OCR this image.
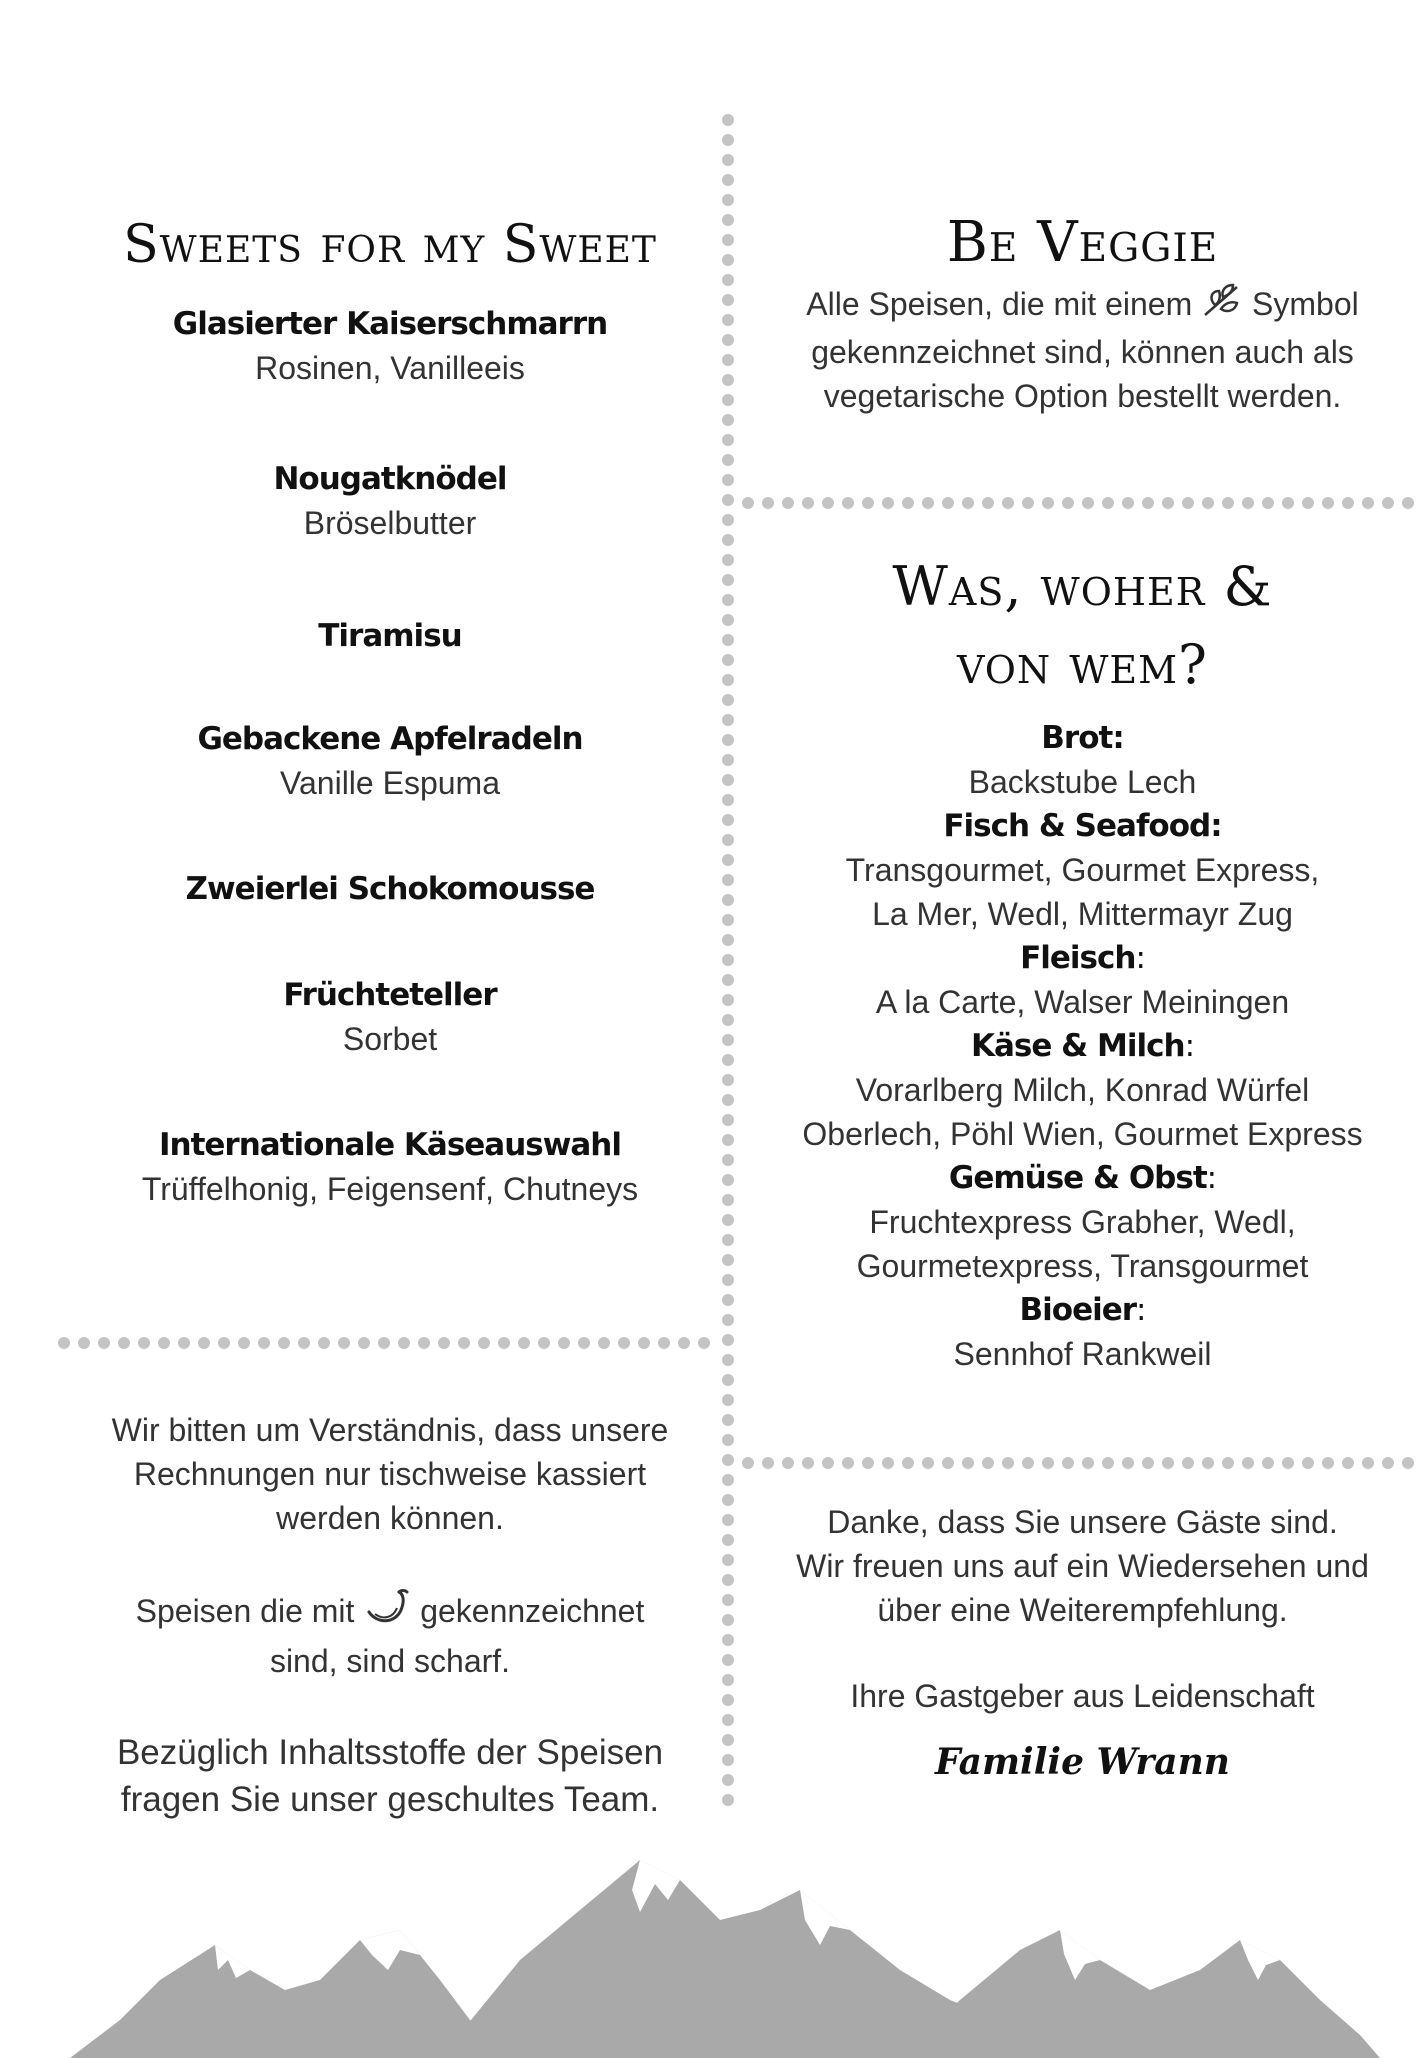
Sweets for my Sweet
Glasierter Kaiserschmarrn
Rosinen, Vanilleeis
Nougatknödel
Bröselbutter
Tiramisu
Gebackene Apfelradeln
Vanille Espuma
Zweierlei Schokomousse
Früchteteller
Sorbet
Internationale Käseauswahl
Trüffelhonig, Feigensenf, Chutneys
Wir bitten um Verständnis, dass unsere
Rechnungen nur tischweise kassiert
werden können.
Speisen die mit gekennzeichnet
sind, sind scharf.
Bezüglich Inhaltsstoffe der Speisen
fragen Sie unser geschultes Team.
Be Veggie
Alle Speisen, die mit einem Symbol
gekennzeichnet sind, können auch als
vegetarische Option bestellt werden.
Was, woher &
von wem?
Brot:
Backstube Lech
Fisch & Seafood:
Transgourmet, Gourmet Express,
La Mer, Wedl, Mittermayr Zug
Fleisch:
A la Carte, Walser Meiningen
Käse & Milch:
Vorarlberg Milch, Konrad Würfel
Oberlech, Pöhl Wien, Gourmet Express
Gemüse & Obst:
Fruchtexpress Grabher, Wedl,
Gourmetexpress, Transgourmet
Bioeier:
Sennhof Rankweil
Danke, dass Sie unsere Gäste sind.
Wir freuen uns auf ein Wiedersehen und
über eine Weiterempfehlung.
Ihre Gastgeber aus Leidenschaft
Familie Wrann
